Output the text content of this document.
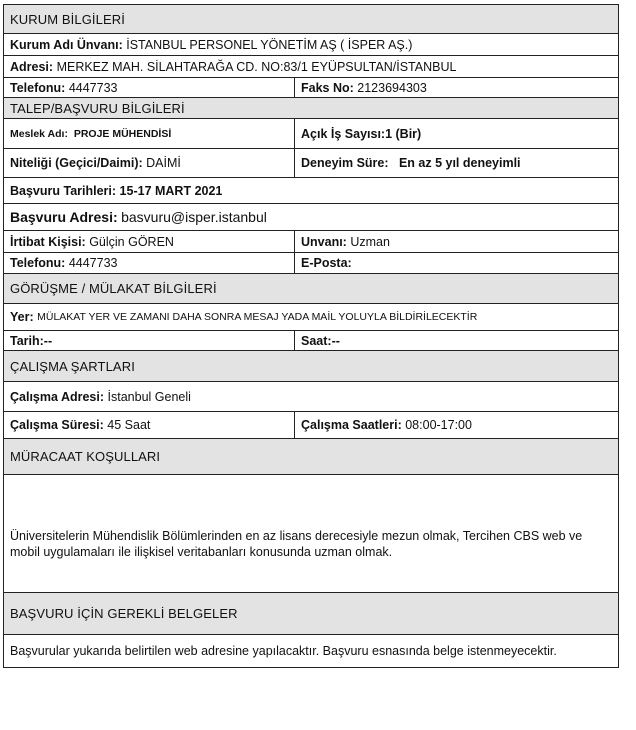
KURUM BİLGİLERİ
Kurum Adı Ünvanı:
İSTANBUL PERSONEL YÖNETİM AŞ ( İSPER AŞ.)
Adresi:
MERKEZ MAH. SİLAHTARAĞA CD. NO:83/1 EYÜPSULTAN/İSTANBUL
Telefonu:
4447733	Faks No:
2123694303
TALEP/BAŞVURU BİLGİLERİ
Meslek Adı:
PROJE MÜHENDİSİ	Açık İş Sayısı: 1 (Bir)
Niteliği (Geçici/Daimi):
DAİMİ	Deneyim Süre:
En az 5 yıl deneyimli
Başvuru Tarihleri:
15-17 MART 2021
Başvuru Adresi:
basvuru@isper.istanbul
İrtibat Kişisi:
Gülçin GÖREN	Unvanı:
Uzman
Telefonu:
4447733	E-Posta:

GÖRÜŞME / MÜLAKAT BİLGİLERİ
Yer:
MÜLAKAT YER VE ZAMANI DAHA SONRA MESAJ YADA MAİL YOLUYLA BİLDİRİLECEKTİR
Tarih: --	Saat: --
ÇALIŞMA ŞARTLARI
Çalışma Adresi:
İstanbul Geneli
Çalışma Süresi:
45 Saat	Çalışma Saatleri:
08:00-17:00
MÜRACAAT KOŞULLARI
Üniversitelerin Mühendislik Bölümlerinden en az lisans derecesiyle mezun olmak, Tercihen CBS web ve mobil uygulamaları ile ilişkisel veritabanları konusunda uzman olmak.
BAŞVURU İÇİN GEREKLİ BELGELER
Başvurular yukarıda belirtilen web adresine yapılacaktır. Başvuru esnasında belge istenmeyecektir.
